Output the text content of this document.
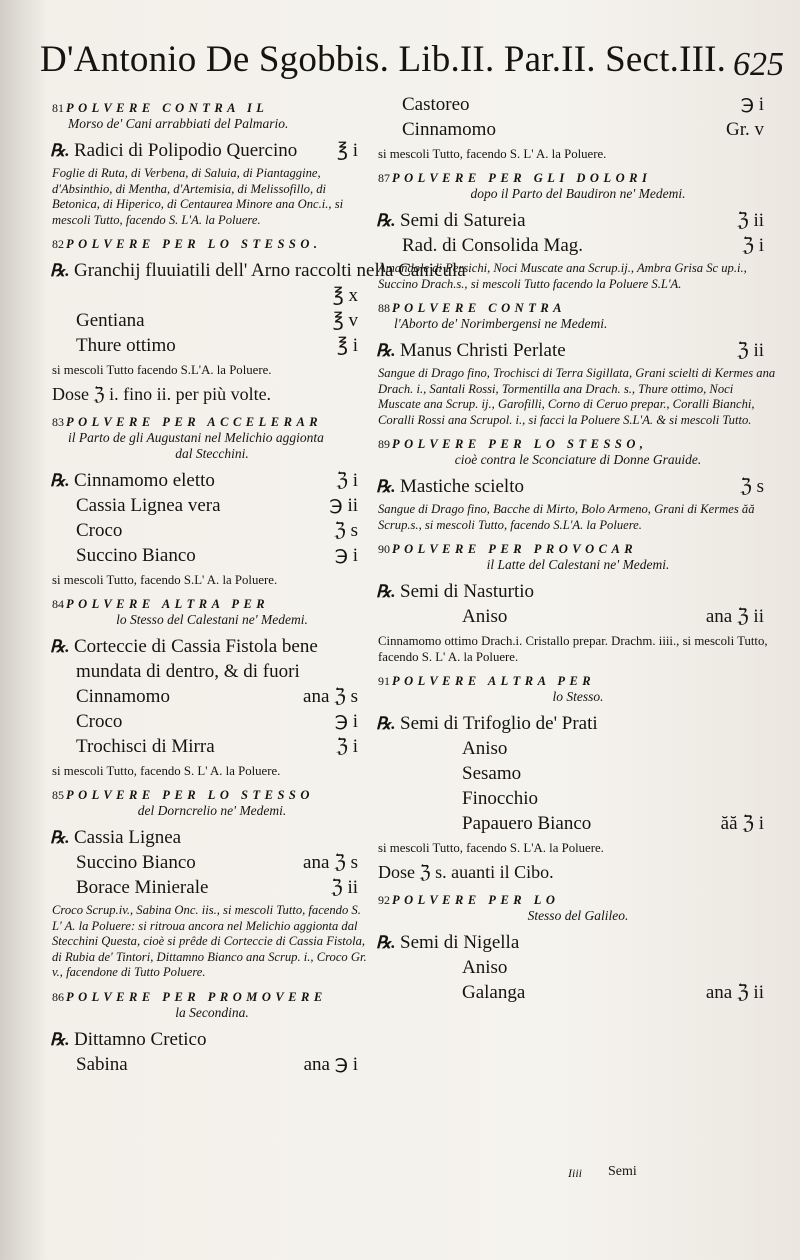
D'Antonio De Sgobbis. Lib.II. Par.II. Sect.III. 625
81 POLVERE CONTRA IL
Morso de' Cani arrabbiati del Palmario.
℞. Radici di Polipodio Quercino ℥ i
Foglie di Ruta, di Verbena, di Saluia, di Piantaggine, d'Absinthio, di Mentha, d'Artemisia, di Melissofillo, di Betonica, di Hiperico, di Centaurea Minore ana Onc.i., si mescoli Tutto, facendo S. L'A. la Poluere.
82 POLVERE PER LO STESSO.
℞. Granchij fluuiatili dell' Arno raccolti nella Canicula
℥ x
Gentiana	℥ v
Thure ottimo	℥ i
si mescoli Tutto facendo S.L'A. la Poluere.
Dose ℨ i. fino ii. per più volte.
83 POLVERE PER ACCELERAR
il Parto de gli Augustani nel Melichio aggionta
dal Stecchini.
℞. Cinnamomo eletto	ℨ i
Cassia Lignea vera	℈ ii
Croco	ℨ s
Succino Bianco	℈ i
si mescoli Tutto, facendo S.L' A. la Poluere.
84 POLVERE ALTRA PER
lo Stesso del Calestani ne' Medemi.
℞. Corteccie di Cassia Fistola bene
mundata di dentro, & di fuori
Cinnamomo	ana ℨ s
Croco	℈ i
Trochisci di Mirra	ℨ i
si mescoli Tutto, facendo S. L' A. la Poluere.
85 POLVERE PER LO STESSO
del Dorncrelio ne' Medemi.
℞. Cassia Lignea
Succino Bianco	ana ℨ s
Borace Minierale	ℨ ii
Croco Scrup.iv., Sabina Onc. iis., si mescoli Tutto, facendo S. L' A. la Poluere: si ritroua ancora nel Melichio aggionta dal Stecchini Questa, cioè si prêde di Corteccie di Cassia Fistola, di Rubia de' Tintori, Dittamno Bianco ana Scrup. i., Croco Gr. v., facendone di Tutto Poluere.
86 POLVERE PER PROMOVERE
la Secondina.
℞. Dittamno Cretico
Sabina	ana ℈ i
Castoreo	℈ i
Cinnamomo	Gr. v
si mescoli Tutto, facendo S. L' A. la Poluere.
87 POLVERE PER GLI DOLORI
dopo il Parto del Baudiron ne' Medemi.
℞. Semi di Satureia	ℨ ii
Rad. di Consolida Mag.	ℨ i
Amandole di Persichi, Noci Muscate ana Scrup.ij., Ambra Grisa Sc up.i., Succino Drach.s., si mescoli Tutto facendo la Poluere S.L'A.
88 POLVERE CONTRA
l'Aborto de' Norimbergensi ne Medemi.
℞. Manus Christi Perlate	ℨ ii
Sangue di Drago fino, Trochisci di Terra Sigillata, Grani scielti di Kermes ana Drach. i., Santali Rossi, Tormentilla ana Drach. s., Thure ottimo, Noci Muscate ana Scrup. ij., Garofilli, Corno di Ceruo prepar., Coralli Bianchi, Coralli Rossi ana Scrupol. i., si facci la Poluere S.L'A. & si mescoli Tutto.
89 POLVERE PER LO STESSO,
cioè contra le Sconciature di Donne Grauide.
℞. Mastiche scielto	ℨ s
Sangue di Drago fino, Bacche di Mirto, Bolo Armeno, Grani di Kermes ăă Scrup.s., si mescoli Tutto, facendo S.L'A. la Poluere.
90 POLVERE PER PROVOCAR
il Latte del Calestani ne' Medemi.
℞. Semi di Nasturtio
Aniso	ana ℨ ii
Cinnamomo ottimo Drach.i. Cristallo prepar. Drachm. iiii., si mescoli Tutto, facendo S. L' A. la Poluere.
91 POLVERE ALTRA PER
lo Stesso.
℞. Semi di Trifoglio de' Prati
Aniso
Sesamo
Finocchio
Papauero Bianco	ăă ℨ i
si mescoli Tutto, facendo S. L'A. la Poluere.
Dose ℨ s. auanti il Cibo.
92 POLVERE PER LO
Stesso del Galileo.
℞. Semi di Nigella
Aniso
Galanga	ana ℨ ii
Iiii Semi
